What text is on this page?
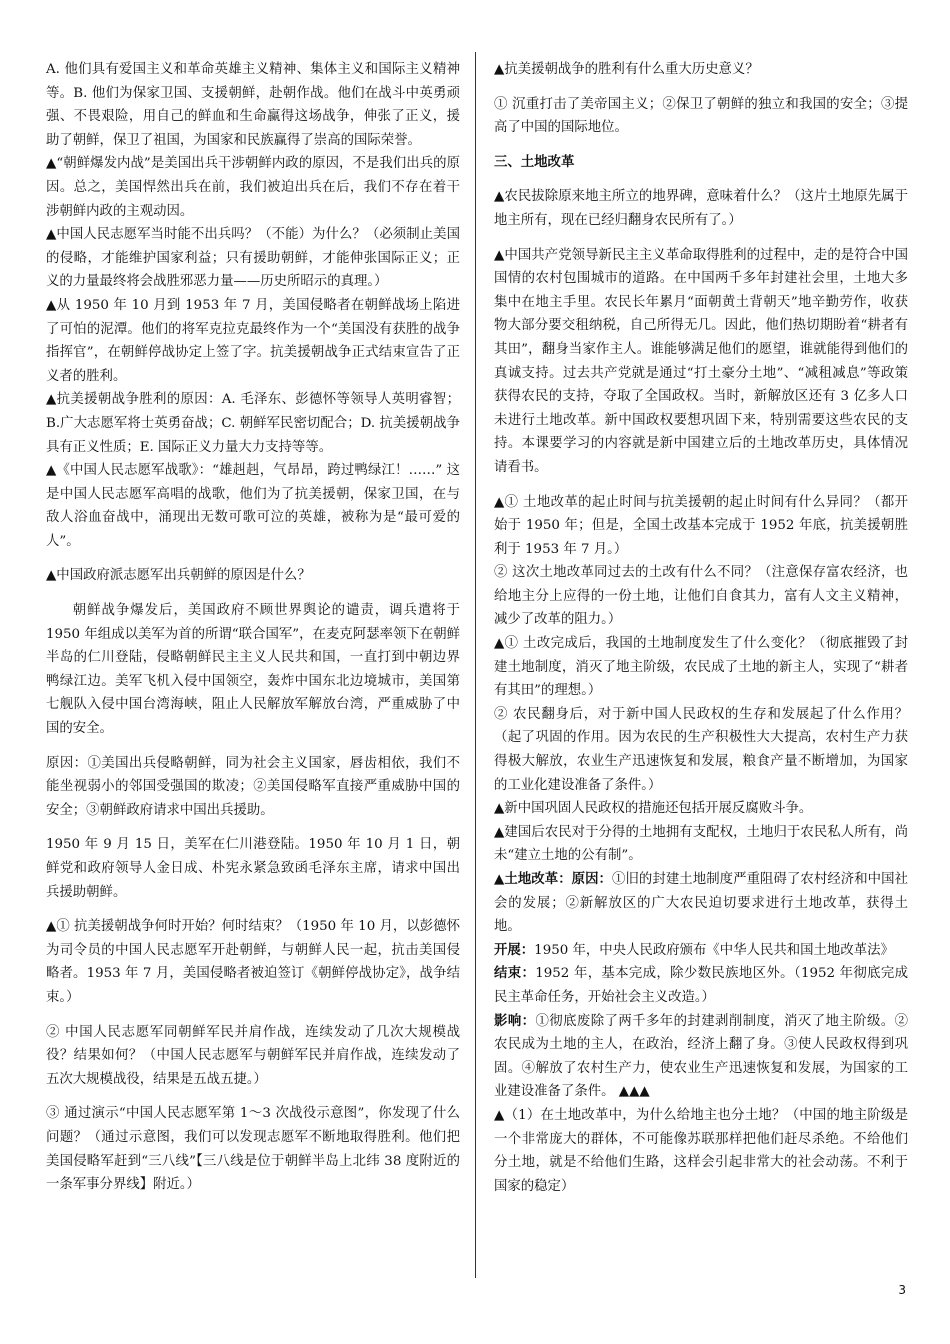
A. 他们具有爱国主义和革命英雄主义精神、集体主义和国际主义精神等。B. 他们为保家卫国、支援朝鲜，赴朝作战。他们在战斗中英勇顽强、不畏艰险，用自己的鲜血和生命赢得这场战争，伸张了正义，援助了朝鲜，保卫了祖国，为国家和民族赢得了崇高的国际荣誉。

▲“朝鲜爆发内战”是美国出兵干涉朝鲜内政的原因，不是我们出兵的原因。总之，美国悍然出兵在前，我们被迫出兵在后，我们不存在着干涉朝鲜内政的主观动因。

▲中国人民志愿军当时能不出兵吗？（不能）为什么？（必须制止美国的侵略，才能维护国家利益；只有援助朝鲜，才能伸张国际正义；正义的力量最终将会战胜邪恶力量——历史所昭示的真理。）

▲从 1950 年 10 月到 1953 年 7 月，美国侵略者在朝鲜战场上陷进了可怕的泥潭。他们的将军克拉克最终作为一个“美国没有获胜的战争指挥官”，在朝鲜停战协定上签了字。抗美援朝战争正式结束宣告了正义者的胜利。

▲抗美援朝战争胜利的原因：A. 毛泽东、彭德怀等领导人英明睿智；B.广大志愿军将士英勇奋战；C. 朝鲜军民密切配合；D. 抗美援朝战争具有正义性质；E. 国际正义力量大力支持等等。

▲《中国人民志愿军战歌》：“雄赳赳，气昂昂，跨过鸭绿江！……” 这是中国人民志愿军高唱的战歌，他们为了抗美援朝，保家卫国，在与敌人浴血奋战中，涌现出无数可歌可泣的英雄，被称为是“最可爱的人”。

▲中国政府派志愿军出兵朝鲜的原因是什么？

朝鲜战争爆发后，美国政府不顾世界舆论的谴责，调兵遣将于 1950 年组成以美军为首的所谓“联合国军”，在麦克阿瑟率领下在朝鲜半岛的仁川登陆，侵略朝鲜民主主义人民共和国，一直打到中朝边界鸭绿江边。美军飞机入侵中国领空，轰炸中国东北边境城市，美国第七舰队入侵中国台湾海峡，阻止人民解放军解放台湾，严重威胁了中国的安全。

原因：①美国出兵侵略朝鲜，同为社会主义国家，唇齿相依，我们不能坐视弱小的邻国受强国的欺凌；②美国侵略军直接严重威胁中国的安全；③朝鲜政府请求中国出兵援助。

1950 年 9 月 15 日，美军在仁川港登陆。1950 年 10 月 1 日，朝鲜党和政府领导人金日成、朴宪永紧急致函毛泽东主席，请求中国出兵援助朝鲜。

▲① 抗美援朝战争何时开始？何时结束？（1950 年 10 月，以彭德怀为司令员的中国人民志愿军开赴朝鲜，与朝鲜人民一起，抗击美国侵略者。1953 年 7 月，美国侵略者被迫签订《朝鲜停战协定》，战争结束。）

② 中国人民志愿军同朝鲜军民并肩作战，连续发动了几次大规模战役？结果如何？（中国人民志愿军与朝鲜军民并肩作战，连续发动了五次大规模战役，结果是五战五捷。）

③ 通过演示“中国人民志愿军第 1～3 次战役示意图”，你发现了什么问题？（通过示意图，我们可以发现志愿军不断地取得胜利。他们把美国侵略军赶到“三八线”【三八线是位于朝鲜半岛上北纬 38 度附近的一条军事分界线】附近。）

▲抗美援朝战争的胜利有什么重大历史意义？

① 沉重打击了美帝国主义；②保卫了朝鲜的独立和我国的安全；③提高了中国的国际地位。

三、土地改革

▲农民拔除原来地主所立的地界碑，意味着什么？（这片土地原先属于地主所有，现在已经归翻身农民所有了。）

▲中国共产党领导新民主主义革命取得胜利的过程中，走的是符合中国国情的农村包围城市的道路。在中国两千多年封建社会里，土地大多集中在地主手里。农民长年累月“面朝黄土背朝天”地辛勤劳作，收获物大部分要交租纳税，自己所得无几。因此，他们热切期盼着“耕者有其田”，翻身当家作主人。谁能够满足他们的愿望，谁就能得到他们的真诚支持。过去共产党就是通过“打土豪分土地”、“减租减息”等政策获得农民的支持，夺取了全国政权。当时，新解放区还有 3 亿多人口未进行土地改革。新中国政权要想巩固下来，特别需要这些农民的支持。本课要学习的内容就是新中国建立后的土地改革历史，具体情况请看书。

▲① 土地改革的起止时间与抗美援朝的起止时间有什么异同？（都开始于 1950 年；但是，全国土改基本完成于 1952 年底，抗美援朝胜利于 1953 年 7 月。）

② 这次土地改革同过去的土改有什么不同？（注意保存富农经济，也给地主分上应得的一份土地，让他们自食其力，富有人文主义精神，减少了改革的阻力。）

▲① 土改完成后，我国的土地制度发生了什么变化？（彻底摧毁了封建土地制度，消灭了地主阶级，农民成了土地的新主人，实现了“耕者有其田”的理想。）

② 农民翻身后，对于新中国人民政权的生存和发展起了什么作用？（起了巩固的作用。因为农民的生产积极性大大提高，农村生产力获得极大解放，农业生产迅速恢复和发展，粮食产量不断增加，为国家的工业化建设准备了条件。）

▲新中国巩固人民政权的措施还包括开展反腐败斗争。

▲建国后农民对于分得的土地拥有支配权，土地归于农民私人所有，尚未“建立土地的公有制”。

▲土地改革：原因：①旧的封建土地制度严重阻碍了农村经济和中国社会的发展；②新解放区的广大农民迫切要求进行土地改革，获得土地。

开展：1950 年，中央人民政府颁布《中华人民共和国土地改革法》

结束：1952 年，基本完成，除少数民族地区外。（1952 年彻底完成民主革命任务，开始社会主义改造。）

影响：①彻底废除了两千多年的封建剥削制度，消灭了地主阶级。②农民成为土地的主人，在政治，经济上翻了身。③使人民政权得到巩固。④解放了农村生产力，使农业生产迅速恢复和发展，为国家的工业建设准备了条件。 ▲▲▲

▲（1）在土地改革中，为什么给地主也分土地？（中国的地主阶级是一个非常庞大的群体，不可能像苏联那样把他们赶尽杀绝。不给他们分土地，就是不给他们生路，这样会引起非常大的社会动荡。不利于国家的稳定）

3
